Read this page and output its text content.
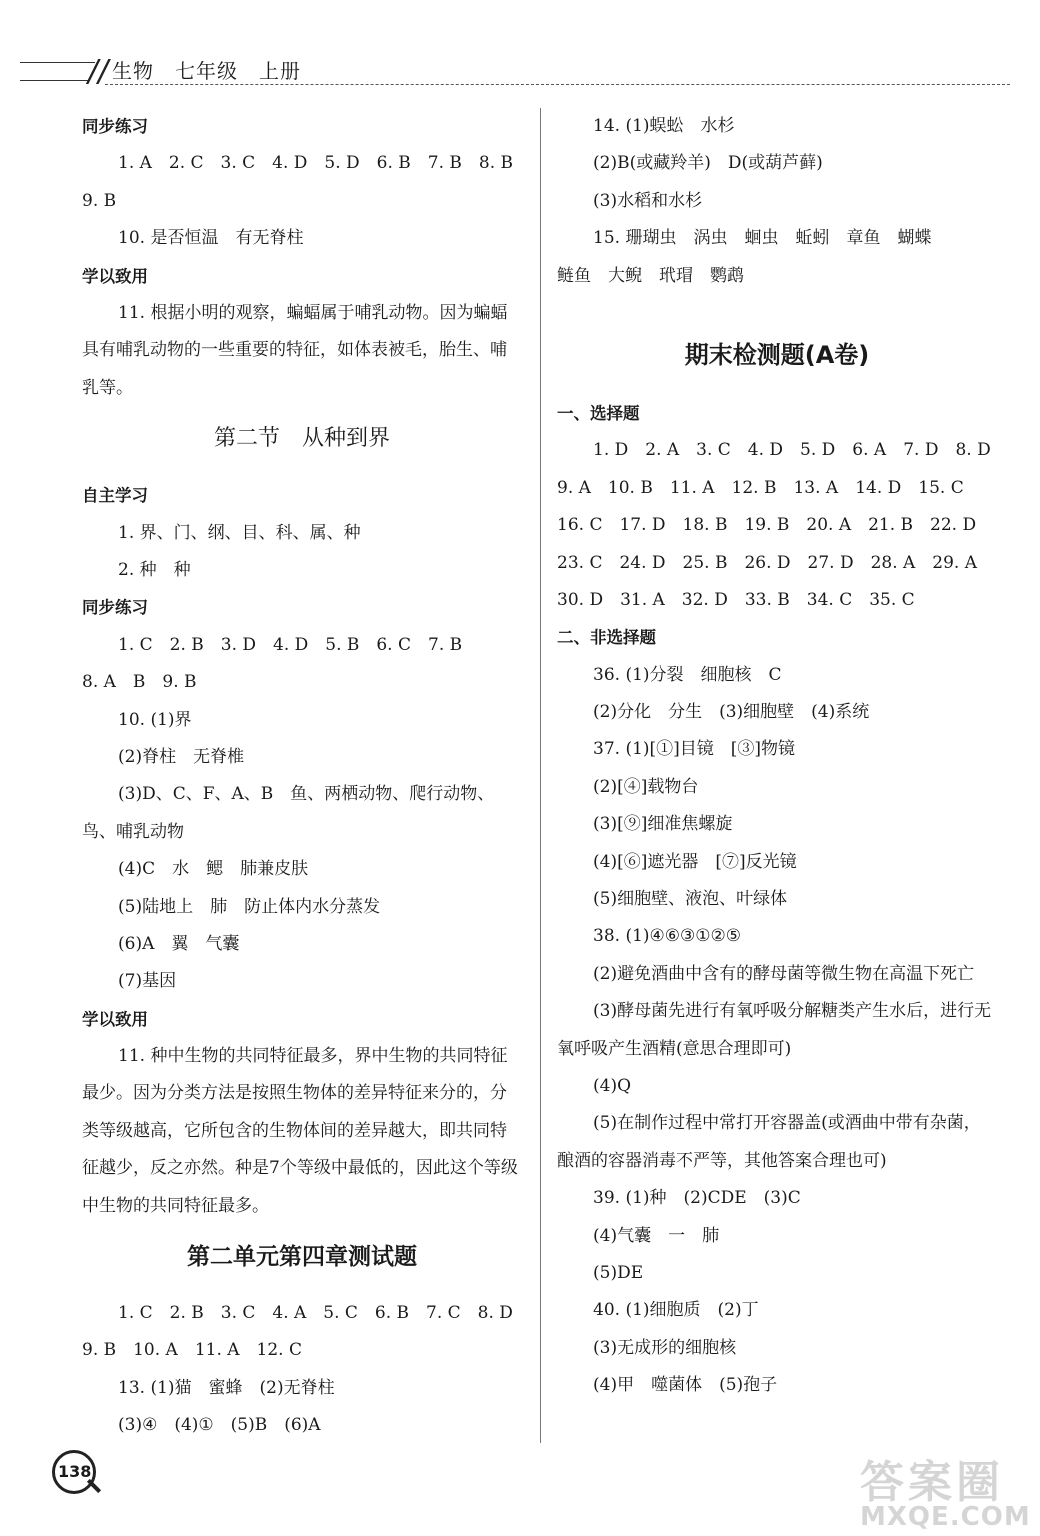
// 生物　七年级　上册
同步练习
1. A　2. C　3. C　4. D　5. D　6. B　7. B　8. B
9. B
10. 是否恒温　有无脊柱
学以致用
11. 根据小明的观察，蝙蝠属于哺乳动物。因为蝙蝠具有哺乳动物的一些重要的特征，如体表被毛，胎生、哺乳等。
第二节　从种到界
自主学习
1. 界、门、纲、目、科、属、种
2. 种　种
同步练习
1. C　2. B　3. D　4. D　5. B　6. C　7. B
8. A　B　9. B
10. (1)界
(2)脊柱　无脊椎
(3)D、C、F、A、B　鱼、两栖动物、爬行动物、鸟、哺乳动物
(4)C　水　鳃　肺兼皮肤
(5)陆地上　肺　防止体内水分蒸发
(6)A　翼　气囊
(7)基因
学以致用
11. 种中生物的共同特征最多，界中生物的共同特征最少。因为分类方法是按照生物体的差异特征来分的，分类等级越高，它所包含的生物体间的差异越大，即共同特征越少，反之亦然。种是7个等级中最低的，因此这个等级中生物的共同特征最多。
第二单元第四章测试题
1. C　2. B　3. C　4. A　5. C　6. B　7. C　8. D
9. B　10. A　11. A　12. C
13. (1)猫　蜜蜂　(2)无脊柱
(3)④　(4)①　(5)B　(6)A
14. (1)蜈蚣　水杉
(2)B(或藏羚羊)　D(或葫芦藓)
(3)水稻和水杉
15. 珊瑚虫　涡虫　蛔虫　蚯蚓　章鱼　蝴蝶
鲢鱼　大鲵　玳瑁　鹦鹉
期末检测题(A卷)
一、选择题
1. D　2. A　3. C　4. D　5. D　6. A　7. D　8. D
9. A　10. B　11. A　12. B　13. A　14. D　15. C
16. C　17. D　18. B　19. B　20. A　21. B　22. D
23. C　24. D　25. B　26. D　27. D　28. A　29. A
30. D　31. A　32. D　33. B　34. C　35. C
二、非选择题
36. (1)分裂　细胞核　C
(2)分化　分生　(3)细胞壁　(4)系统
37. (1)[①]目镜　[③]物镜
(2)[④]载物台
(3)[⑨]细准焦螺旋
(4)[⑥]遮光器　[⑦]反光镜
(5)细胞壁、液泡、叶绿体
38. (1)④⑥③①②⑤
(2)避免酒曲中含有的酵母菌等微生物在高温下死亡
(3)酵母菌先进行有氧呼吸分解糖类产生水后，进行无氧呼吸产生酒精(意思合理即可)
(4)Q
(5)在制作过程中常打开容器盖(或酒曲中带有杂菌，酿酒的容器消毒不严等，其他答案合理也可)
39. (1)种　(2)CDE　(3)C
(4)气囊　一　肺
(5)DE
40. (1)细胞质　(2)丁
(3)无成形的细胞核
(4)甲　噬菌体　(5)孢子
138	答案圈
MXQE.COM
